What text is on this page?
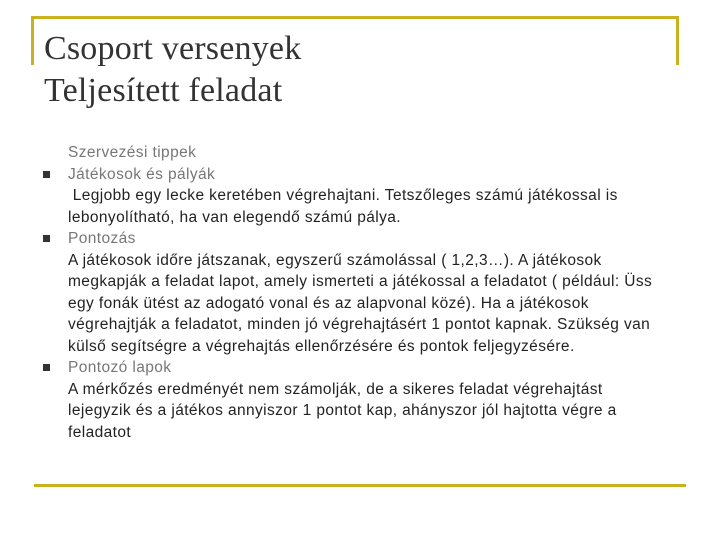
Csoport versenyek
Teljesített feladat
Szervezési tippek
Játékosok és pályák
Legjobb egy lecke keretében végrehajtani. Tetszőleges számú játékossal is
lebonyolítható, ha van elegendő számú pálya.
Pontozás
A játékosok időre játszanak, egyszerű számolással ( 1,2,3…). A játékosok
megkapják a feladat lapot, amely ismerteti a játékossal a feladatot ( például: Üss
egy fonák ütést az adogató vonal és az alapvonal közé). Ha a játékosok
végrehajtják a feladatot, minden jó végrehajtásért 1 pontot kapnak. Szükség van
külső segítségre a végrehajtás ellenőrzésére és pontok feljegyzésére.
Pontozó lapok
A mérkőzés eredményét nem számolják, de a sikeres feladat végrehajtást
lejegyzik és a játékos annyiszor 1 pontot kap, ahányszor jól hajtotta végre a
feladatot
